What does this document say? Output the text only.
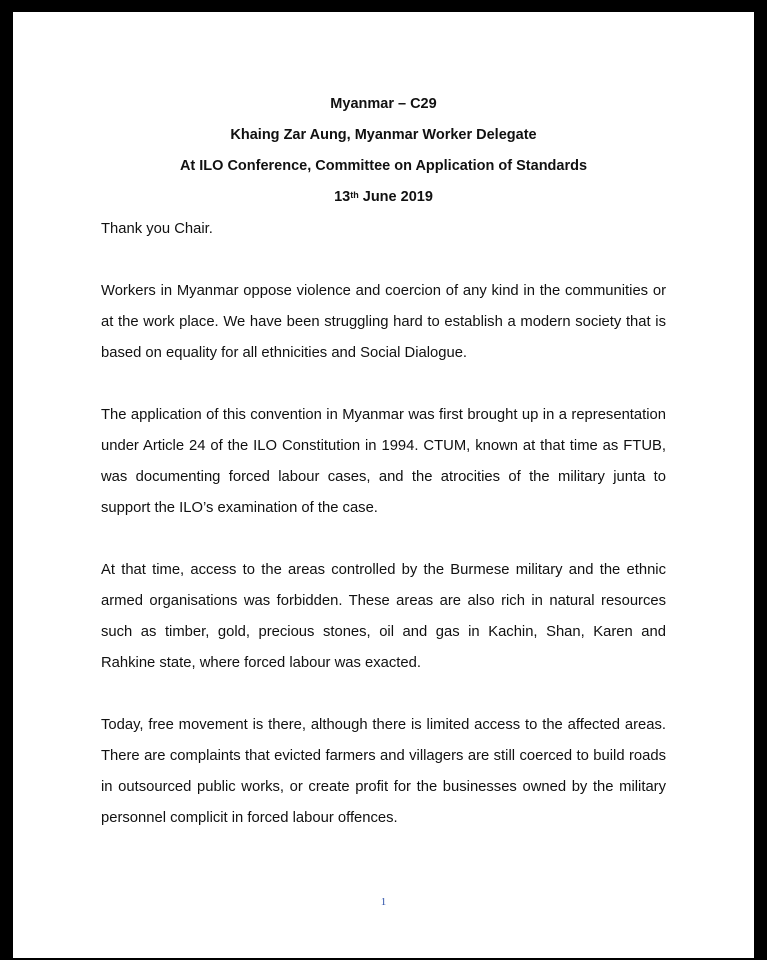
Myanmar – C29
Khaing Zar Aung, Myanmar Worker Delegate
At ILO Conference, Committee on Application of Standards
13th June 2019

Thank you Chair.

Workers in Myanmar oppose violence and coercion of any kind in the communities or at the work place. We have been struggling hard to establish a modern society that is based on equality for all ethnicities and Social Dialogue.

The application of this convention in Myanmar was first brought up in a representation under Article 24 of the ILO Constitution in 1994. CTUM, known at that time as FTUB, was documenting forced labour cases, and the atrocities of the military junta to support the ILO’s examination of the case.

At that time, access to the areas controlled by the Burmese military and the ethnic armed organisations was forbidden. These areas are also rich in natural resources such as timber, gold, precious stones, oil and gas in Kachin, Shan, Karen and Rahkine state, where forced labour was exacted.

Today, free movement is there, although there is limited access to the affected areas. There are complaints that evicted farmers and villagers are still coerced to build roads in outsourced public works, or create profit for the businesses owned by the military personnel complicit in forced labour offences.

1
